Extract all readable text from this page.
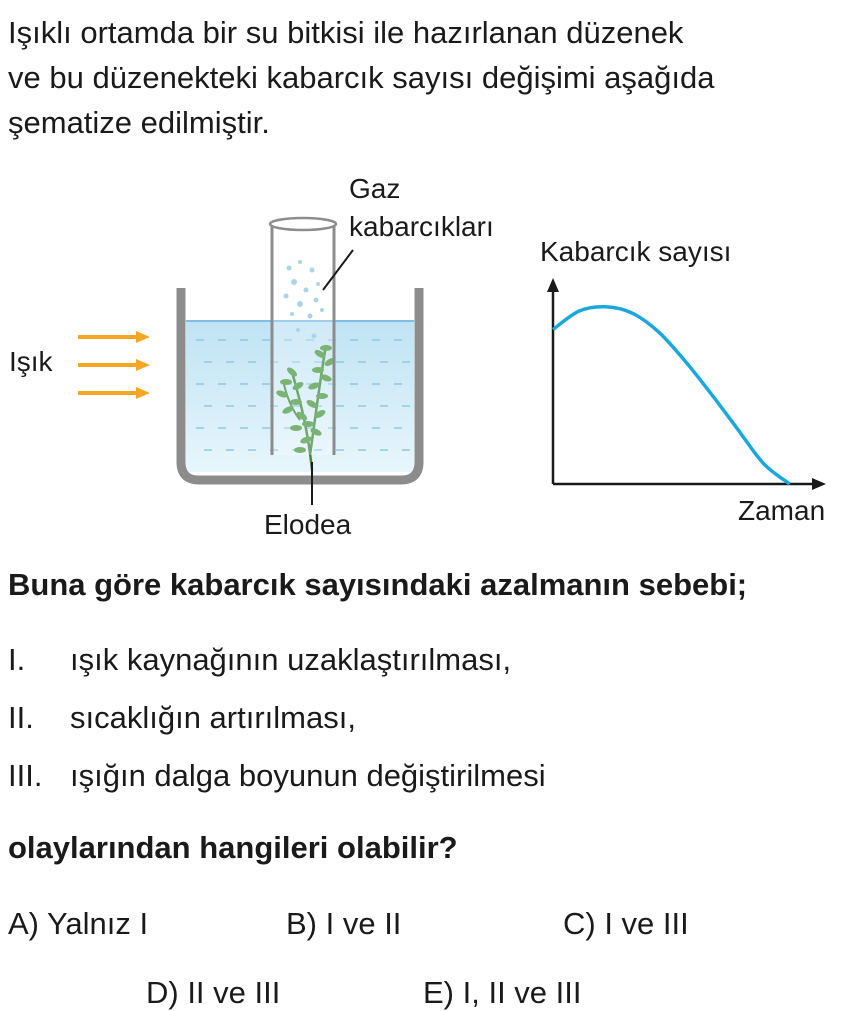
Işıklı ortamda bir su bitkisi ile hazırlanan düzenek
ve bu düzenekteki kabarcık sayısı değişimi aşağıda
şematize edilmiştir.
Gaz
kabarcıkları
Işık
Elodea
Kabarcık sayısı
Zaman
Buna göre kabarcık sayısındaki azalmanın sebebi;
I. ışık kaynağının uzaklaştırılması,
II. sıcaklığın artırılması,
III. ışığın dalga boyunun değiştirilmesi
olaylarından hangileri olabilir?
A) Yalnız I	B) I ve II	C) I ve III
D) II ve III	E) I, II ve III
